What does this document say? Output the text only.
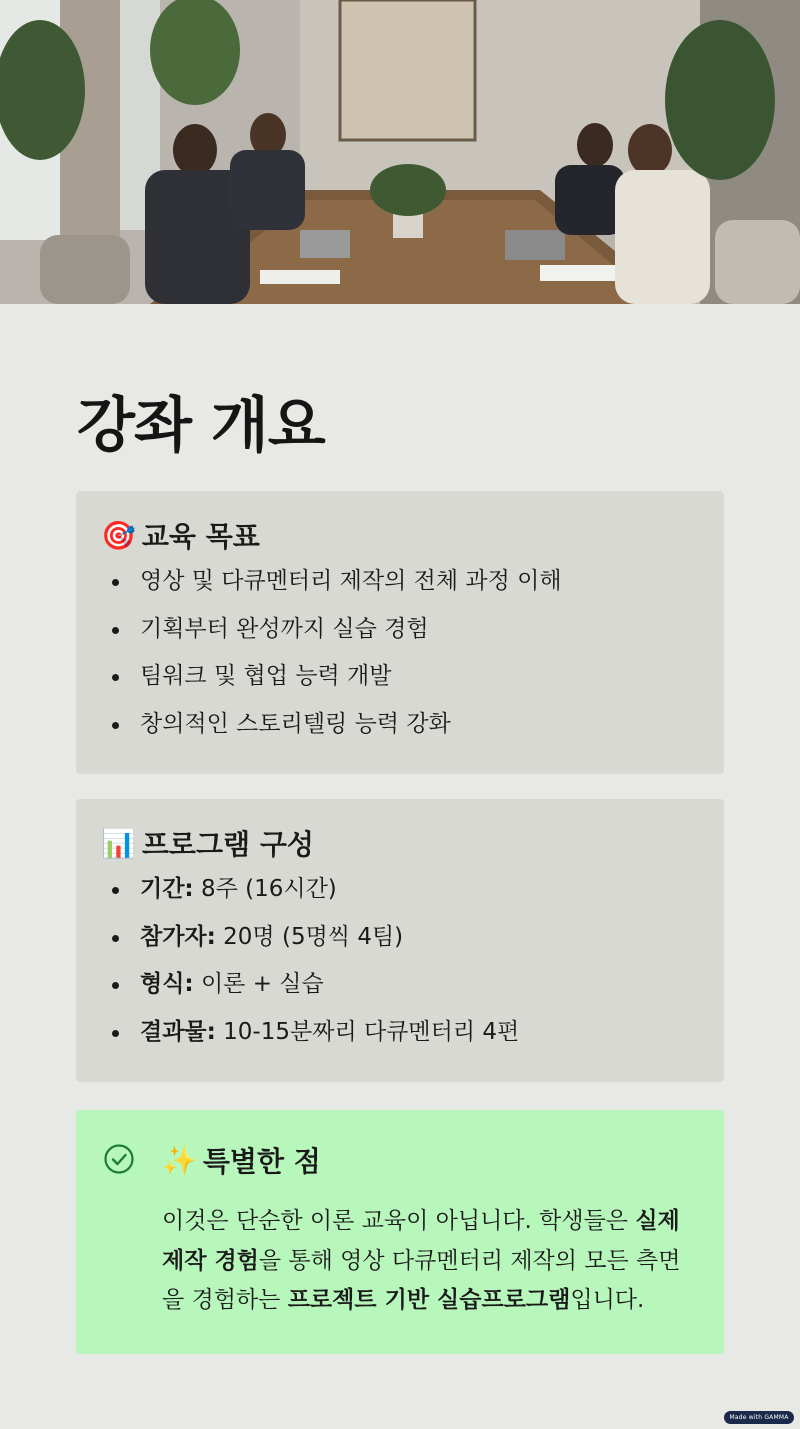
강좌 개요
🎯 교육 목표
영상 및 다큐멘터리 제작의 전체 과정 이해
기획부터 완성까지 실습 경험
팀워크 및 협업 능력 개발
창의적인 스토리텔링 능력 강화
📊 프로그램 구성
기간: 8주 (16시간)
참가자: 20명 (5명씩 4팀)
형식: 이론 + 실습
결과물: 10-15분짜리 다큐멘터리 4편
✨ 특별한 점

이것은 단순한 이론 교육이 아닙니다. 학생들은 실제 제작 경험을 통해 영상 다큐멘터리 제작의 모든 측면을 경험하는 프로젝트 기반 실습프로그램입니다.

Made with GAMMA
